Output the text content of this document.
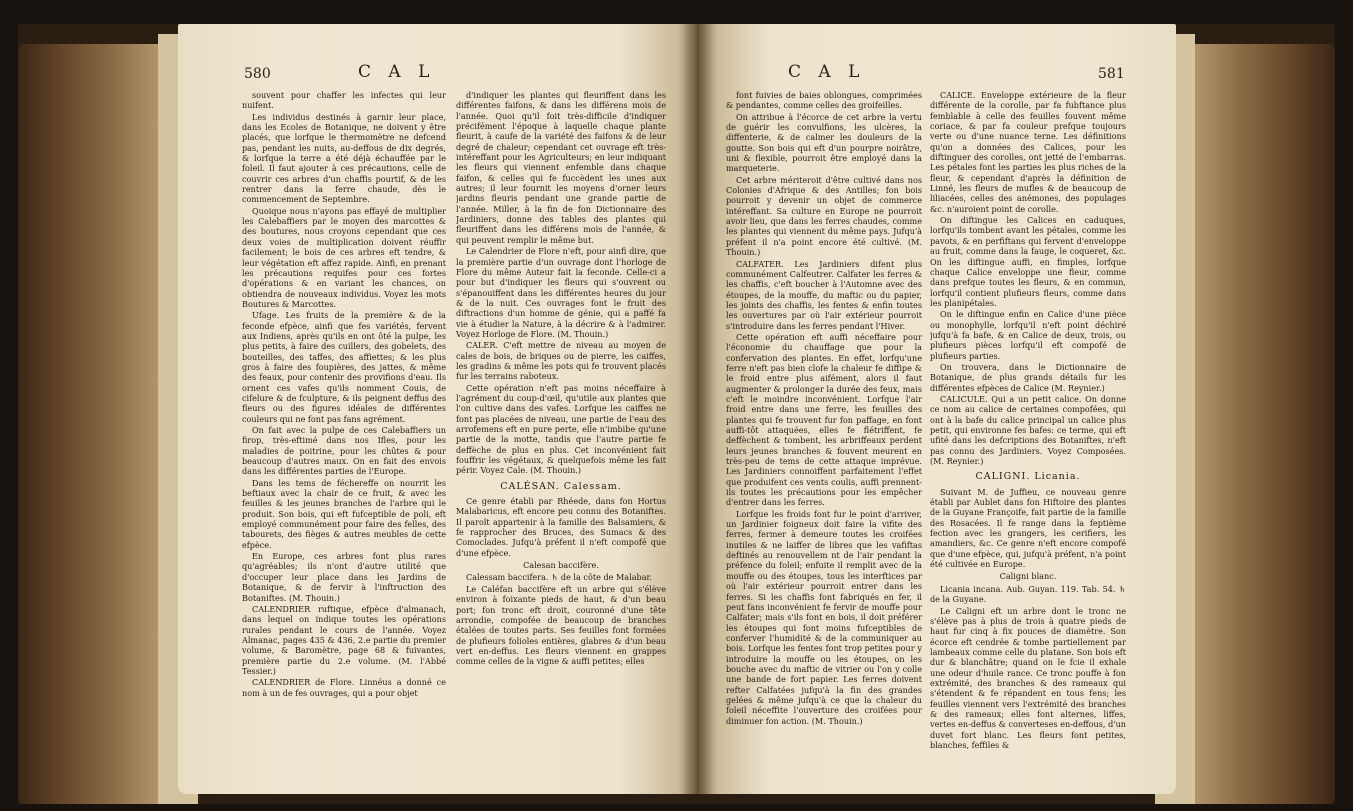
580	C A L

souvent pour chaffer les infectes qui leur nuifent.

Les individus destinés à garnir leur place, dans les Ecoles de Botanique, ne doivent y être placés, que lorfque le thermomètre ne defcend pas, pendant les nuits, au-deffous de dix degrés, & lorfque la terre a été déjà échauffée par le foleil. Il faut ajouter à ces précautions, celle de couvrir ces arbres d'un chaffis pourtif, & de les rentrer dans la ferre chaude, dès le commencement de Septembre.

Quoique nous n'ayons pas effayé de multiplier les Calebaffiers par le moyen des marcottes & des boutures, nous croyons cependant que ces deux voies de multiplication doivent réuffir facilement; le bois de ces arbres eft tendre, & leur végétation eft affez rapide. Ainfi, en prenant les précautions requifes pour ces fortes d'opérations & en variant les chances, on obtiendra de nouveaux individus. Voyez les mots Boutures & Marcottes.

Ufage. Les fruits de la première & de la feconde efpèce, ainfi que fes variétés, fervent aux Indiens, après qu'ils en ont ôté la pulpe, les plus petits, à faire des cuillers, des gobelets, des bouteilles, des taffes, des affiettes; & les plus gros à faire des foupières, des jattes, & même des feaux, pour contenir des provifions d'eau. Ils ornent ces vafes qu'ils nomment Couis, de cifelure & de fculpture, & ils peignent deffus des fleurs ou des figures idéales de différentes couleurs qui ne font pas fans agrément.

On fait avec la pulpe de ces Calebaffiers un firop, très-eftimé dans nos Ifles, pour les maladies de poitrine, pour les chûtes & pour beaucoup d'autres maux. On en fait des envois dans les différentes parties de l'Europe.

Dans les tems de féchereffe on nourrit les beftiaux avec la chair de ce fruit, & avec les feuilles & les jeunes branches de l'arbre qui le produit. Son bois, qui eft fufceptible de poli, eft employé communément pour faire des felles, des tabourets, des fièges & autres meubles de cette efpèce.

En Europe, ces arbres font plus rares qu'agréables; ils n'ont d'autre utilité que d'occuper leur place dans les Jardins de Botanique, & de fervir à l'inftruction des Botaniftes. (M. Thouin.)

CALENDRIER ruftique, efpèce d'almanach, dans lequel on indique toutes les opérations rurales pendant le cours de l'année. Voyez Almanac, pages 435 & 436, 2.e partie du premier volume, & Baromètre, page 68 & fuivantes, première partie du 2.e volume. (M. l'Abbé Tessier.)

CALENDRIER de Flore. Linnéus a donné ce nom à un de fes ouvrages, qui a pour objet

d'indiquer les plantes qui fleuriffent dans les différentes faifons, & dans les différens mois de l'année. Quoi qu'il foit très-difficile d'indiquer précifément l'époque à laquelle chaque plante fleurit, à caufe de la variété des faifons & de leur degré de chaleur; cependant cet ouvrage eft très-intéreffant pour les Agriculteurs; en leur indiquant les fleurs qui viennent enfemble dans chaque faifon, & celles qui fe fuccèdent les unes aux autres; il leur fournit les moyens d'orner leurs jardins fleuris pendant une grande partie de l'année. Miller, à la fin de fon Dictionnaire des Jardiniers, donne des tables des plantes qui fleuriffent dans les différens mois de l'année, & qui peuvent remplir le même but.

Le Calendrier de Flore n'eft, pour ainfi dire, que la première partie d'un ouvrage dont l'horloge de Flore du même Auteur fait la feconde. Celle-ci a pour but d'indiquer les fleurs qui s'ouvrent ou s'épanouiffent dans les différentes heures du jour & de la nuit. Ces ouvrages font le fruit des diftractions d'un homme de génie, qui a paffé fa vie à étudier la Nature, à la décrire & à l'admirer. Voyez Horloge de Flore. (M. Thouin.)

CALER. C'eft mettre de niveau au moyen de cales de bois, de briques ou de pierre, les caiffes, les gradins & même les pots qui fe trouvent placés fur les terrains raboteux.

Cette opération n'eft pas moins néceffaire à l'agrément du coup-d'œil, qu'utile aux plantes que l'on cultive dans des vafes. Lorfque les caiffes ne font pas placées de niveau, une partie de l'eau des arrofemens eft en pure perte, elle n'imbibe qu'une partie de la motte, tandis que l'autre partie fe deffèche de plus en plus. Cet inconvénient fait fouffrir les végétaux, & quelquefois même les fait périr. Voyez Cale. (M. Thouin.)

CALÉSAN. Calessam.

Ce genre établi par Rhéede, dans fon Hortus Malabaricus, eft encore peu connu des Botaniftes. Il paroît appartenir à la famille des Balsamiers, & fe rapprocher des Bruces, des Sumacs & des Comoclades. Jufqu'à préfent il n'eft compofé que d'une efpèce.

Calesan baccifère.

Calessam baccifera. ♄ de la côte de Malabar.

Le Caléfan baccifère eft un arbre qui s'élève environ à foixante pieds de haut, & d'un beau port; fon tronc eft droit, couronné d'une tête arrondie, compofée de beaucoup de branches étalées de toutes parts. Ses feuilles font formées de plufieurs folioles entières, glabres & d'un beau vert en-deffus. Les fleurs viennent en grappes comme celles de la vigne & auffi petites; elles

C A L	581

font fuivies de baies oblongues, comprimées & pendantes, comme celles des groifeilles.

On attribue à l'écorce de cet arbre la vertu de guérir les convulfions, les ulcères, la diffenterie, & de calmer les douleurs de la goutte. Son bois qui eft d'un pourpre noirâtre, uni & flexible, pourroit être employé dans la marqueterie.

Cet arbre mériteroit d'être cultivé dans nos Colonies d'Afrique & des Antilles; fon bois pourroit y devenir un objet de commerce intéreffant. Sa culture en Europe ne pourroit avoir lieu, que dans les ferres chaudes, comme les plantes qui viennent du même pays. Jufqu'à préfent il n'a point encore été cultivé. (M. Thouin.)

CALFATER. Les Jardiniers difent plus communément Calfeutrer. Calfater les ferres & les chaffis, c'eft boucher à l'Automne avec des étoupes, de la mouffe, du maftic ou du papier, les joints des chaffis, les fentes & enfin toutes les ouvertures par où l'air extérieur pourroit s'introduire dans les ferres pendant l'Hiver.

Cette opération eft auffi néceffaire pour l'économie du chauffage que pour la confervation des plantes. En effet, lorfqu'une ferre n'eft pas bien clofe la chaleur fe diffipe & le froid entre plus aifément, alors il faut augmenter & prolonger la durée des feux, mais c'eft le moindre inconvénient. Lorfque l'air froid entre dans une ferre, les feuilles des plantes qui fe trouvent fur fon paffage, en font auffi-tôt attaquées, elles fe flétriffent, fe deffèchent & tombent, les arbriffeaux perdent leurs jeunes branches & fouvent meurent en très-peu de tems de cette attaque imprévue. Les Jardiniers connoiffent parfaitement l'effet que produifent ces vents coulis, auffi prennent-ils toutes les précautions pour les empêcher d'entrer dans les ferres.

Lorfque les froids font fur le point d'arriver, un Jardinier foigneux doit faire la vifite des ferres, fermer à demeure toutes les croifées inutiles & ne laiffer de libres que les vafiftas deftinés au renouvellem nt de l'air pendant la préfence du foleil; enfuite il remplit avec de la mouffe ou des étoupes, tous les interftices par où l'air extérieur pourroit entrer dans les ferres. Si les chaffis font fabriqués en fer, il peut fans inconvénient fe fervir de mouffe pour Calfater; mais s'ils font en bois, il doit préférer les étoupes qui font moins fufceptibles de conferver l'humidité & de la communiquer au bois. Lorfque les fentes font trop petites pour y introduire la mouffe ou les étoupes, on les bouche avec du maftic de vitrier ou l'on y colle une bande de fort papier. Les ferres doivent refter Calfatées jufqu'à la fin des grandes gelées & même jufqu'à ce que la chaleur du foleil néceffite l'ouverture des croifées pour diminuer fon action. (M. Thouin.)

CALICE. Enveloppe extérieure de la fleur différente de la corolle, par fa fubftance plus femblable à celle des feuilles fouvent même coriace, & par fa couleur prefque toujours verte ou d'une nuance terne. Les définitions qu'on a données des Calices, pour les diftinguer des corolles, ont jetté de l'embarras. Les pétales font les parties les plus riches de la fleur, & cependant d'après la définition de Linné, les fleurs de mufles & de beaucoup de liliacées, celles des anémones, des populages &c. n'auroient point de corolle.

On diftingue les Calices en caduques, lorfqu'ils tombent avant les pétales, comme les pavots, & en perfiftans qui fervent d'enveloppe au fruit, comme dans la fauge, le coqueret, &c. On les diftingue auffi, en fimples, lorfque chaque Calice enveloppe une fleur, comme dans prefque toutes les fleurs, & en commun, lorfqu'il contient plufieurs fleurs, comme dans les planipétales.

On le diftingue enfin en Calice d'une pièce ou monophylle, lorfqu'il n'eft point déchiré jufqu'à fa bafe, & en Calice de deux, trois, ou plufieurs pièces lorfqu'il eft compofé de plufieurs parties.

On trouvera, dans le Dictionnaire de Botanique, de plus grands détails fur les différentes efpèces de Calice (M. Reynier.)

CALICULE. Qui a un petit calice. On donne ce nom au calice de certaines compofées, qui ont à la bafe du calice principal un calice plus petit, qui environne fes bafes: ce terme, qui eft ufité dans les defcriptions des Botaniftes, n'eft pas connu des Jardiniers. Voyez Composées. (M. Reynier.)

CALIGNI. Licania.

Suivant M. de Juffieu, ce nouveau genre établi par Aublet dans fon Hiftoire des plantes de la Guyane Françoife, fait partie de la famille des Rosacées. Il fe range dans la feptième fection avec les grangers, les cerifiers, les amandiers, &c. Ce genre n'eft encore compofé que d'une efpèce, qui, jufqu'à préfent, n'a point été cultivée en Europe.

Caligni blanc.

Licania incana. Aub. Guyan. 119. Tab. 54. ♄ de la Guyane.

Le Caligni eft un arbre dont le tronc ne s'élève pas à plus de trois à quatre pieds de haut fur cinq à fix pouces de diamètre. Son écorce eft cendrée & tombe partiellement par lambeaux comme celle du platane. Son bois eft dur & blanchâtre; quand on le fcie il exhale une odeur d'huile rance. Ce tronc pouffe à fon extrémité, des branches & des rameaux qui s'étendent & fe répandent en tous fens; les feuilles viennent vers l'extrémité des branches & des rameaux; elles font alternes, liffes, vertes en-deffus & converteses en-deffous, d'un duvet fort blanc. Les fleurs font petites, blanches, feffiles &
